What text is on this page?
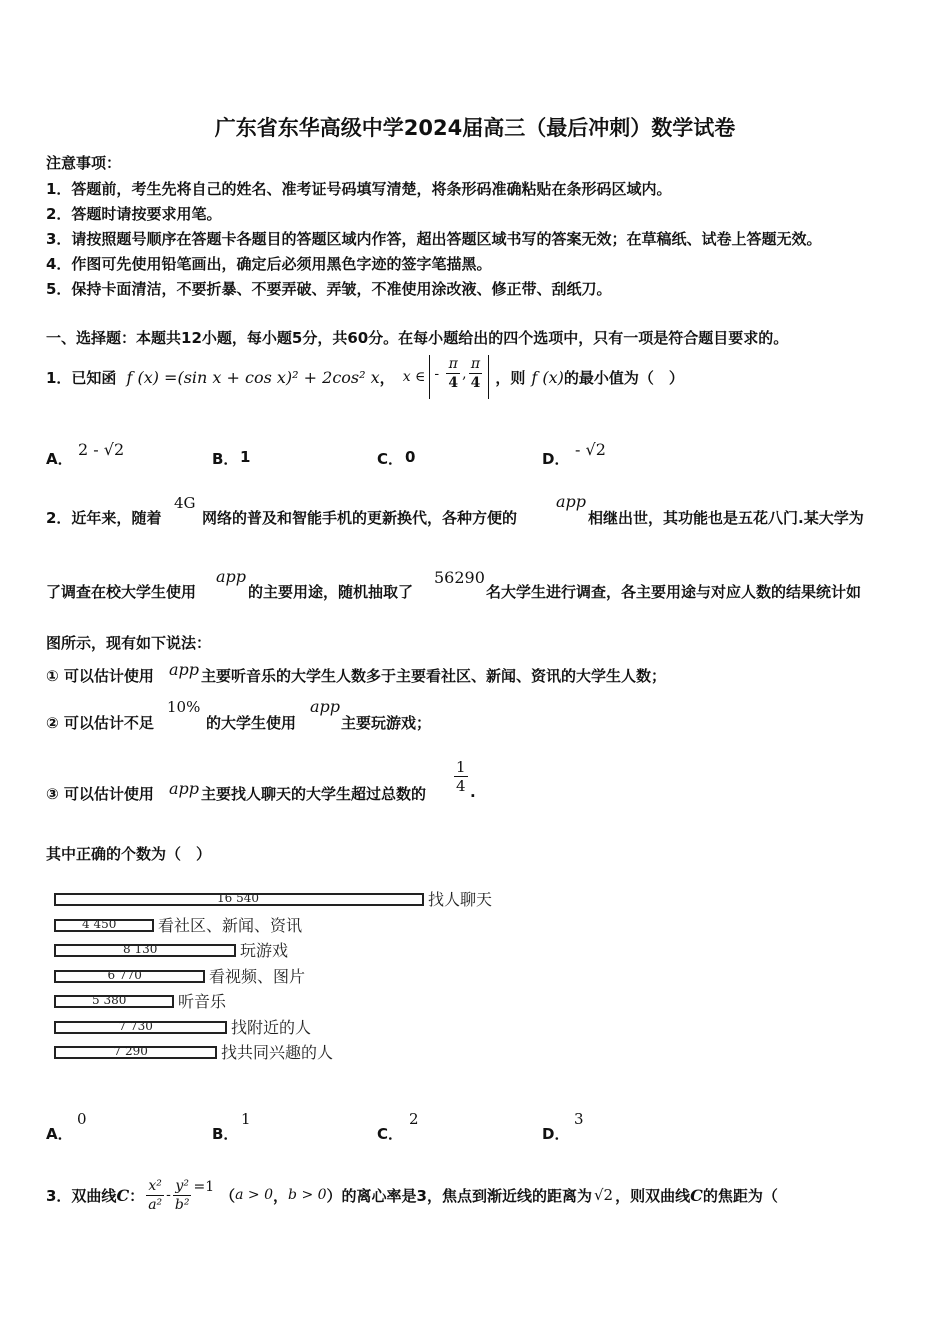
广东省东华高级中学2024届高三（最后冲刺）数学试卷
注意事项：
1．答题前，考生先将自己的姓名、准考证号码填写清楚，将条形码准确粘贴在条形码区域内。
2．答题时请按要求用笔。
3．请按照题号顺序在答题卡各题目的答题区域内作答，超出答题区域书写的答案无效；在草稿纸、试卷上答题无效。
4．作图可先使用铅笔画出，确定后必须用黑色字迹的签字笔描黑。
5．保持卡面清洁，不要折暴、不要弄破、弄皱，不准使用涂改液、修正带、刮纸刀。
一、选择题：本题共12小题，每小题5分，共60分。在每小题给出的四个选项中，只有一项是符合题目要求的。
1．已知函 f (x) =(sin x + cos x)² + 2cos² x ， x ∈ - $\frac{\pi}{4}$ , $\frac{\pi}{4}$ ，则 f (x) 的最小值为（　）
A． 2 - √2	B． 1	C． 0	D． - √2
2．近年来，随着
4G
网络的普及和智能手机的更新换代，各种方便的
app
相继出世，其功能也是五花八门.某大学为
了调查在校大学生使用
app
的主要用途，随机抽取了
56290
名大学生进行调查，各主要用途与对应人数的结果统计如
图所示，现有如下说法：
① 可以估计使用 app 主要听音乐的大学生人数多于主要看社区、新闻、资讯的大学生人数；
② 可以估计不足
10%
的大学生使用
app
主要玩游戏；
③ 可以估计使用 app 主要找人聊天的大学生超过总数的 $\frac{1}{4}$ .
其中正确的个数为（　）
16 540	找人聊天
4 450	看社区、新闻、资讯
8 130	玩游戏
6 770	看视频、图片
5 380	听音乐
7 730	找附近的人
7 290	找共同兴趣的人
A．
0
B．
1
C．
2
D．
3
3．双曲线 C ： $\frac{\text{x²}}{\text{a²}} - \frac{\text{y²}}{\text{b²}} =1$ （ a > 0 ， b > 0 ） 的离心率是3，焦点到渐近线的距离为 √2 ，则双曲线 C 的焦距为（
